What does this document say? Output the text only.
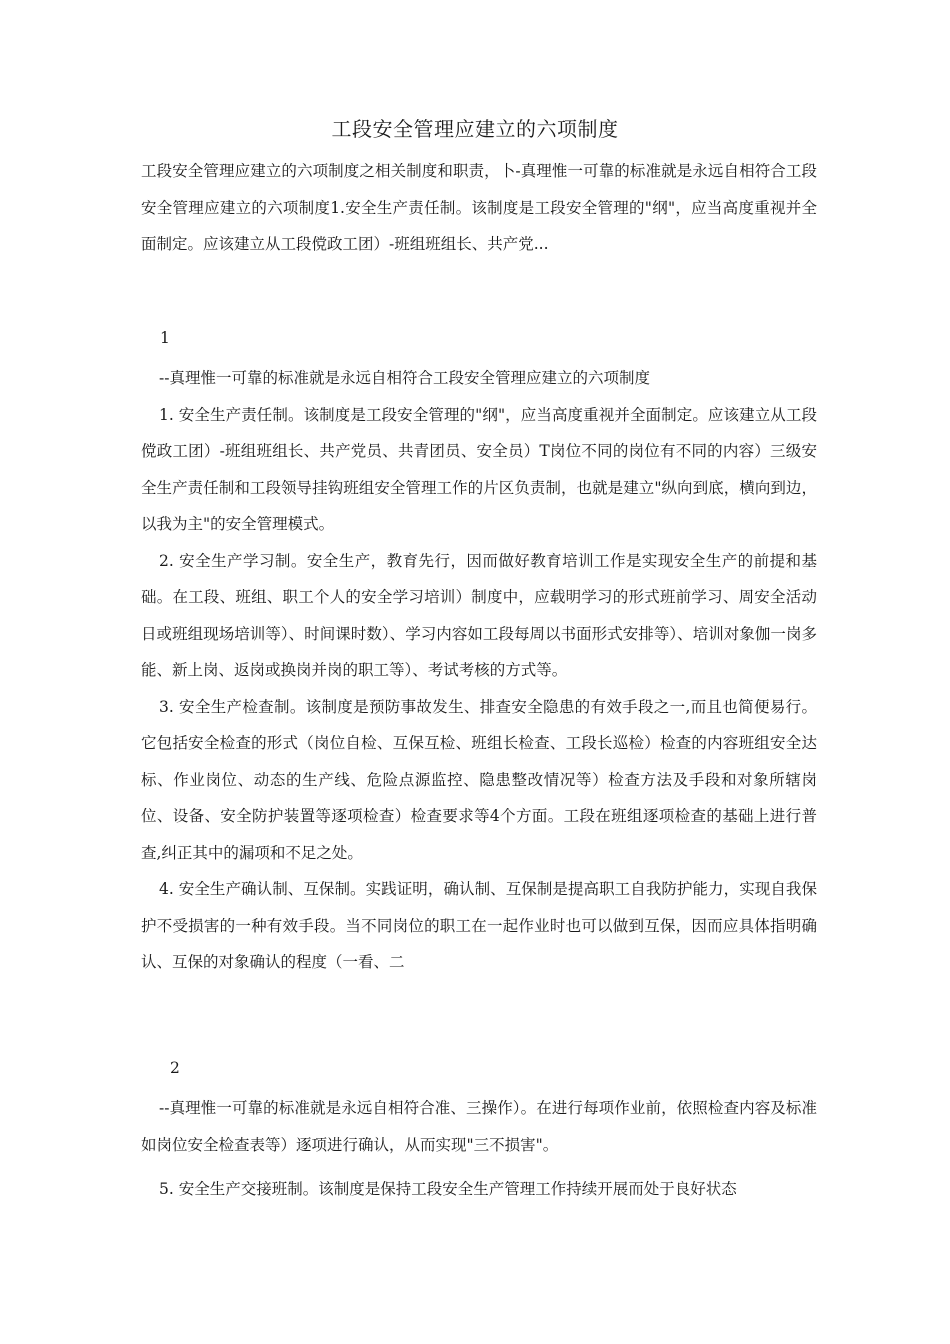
工段安全管理应建立的六项制度

工段安全管理应建立的六项制度之相关制度和职责，卜-真理惟一可靠的标准就是永远自相符合工段安全管理应建立的六项制度1.安全生产责任制。该制度是工段安全管理的"纲"，应当高度重视并全面制定。应该建立从工段傥政工团）-班组班组长、共产党...

1

--真理惟一可靠的标准就是永远自相符合工段安全管理应建立的六项制度

1. 安全生产责任制。该制度是工段安全管理的"纲"，应当高度重视并全面制定。应该建立从工段傥政工团）-班组班组长、共产党员、共青团员、安全员）T岗位不同的岗位有不同的内容）三级安全生产责任制和工段领导挂钩班组安全管理工作的片区负责制，也就是建立"纵向到底，横向到边，以我为主"的安全管理模式。

2. 安全生产学习制。安全生产，教育先行，因而做好教育培训工作是实现安全生产的前提和基础。在工段、班组、职工个人的安全学习培训）制度中，应载明学习的形式班前学习、周安全活动日或班组现场培训等）、时间课时数）、学习内容如工段每周以书面形式安排等）、培训对象伽一岗多能、新上岗、返岗或换岗并岗的职工等）、考试考核的方式等。

3. 安全生产检查制。该制度是预防事故发生、排查安全隐患的有效手段之一,而且也简便易行。它包括安全检查的形式（岗位自检、互保互检、班组长检查、工段长巡检）检查的内容班组安全达标、作业岗位、动态的生产线、危险点源监控、隐患整改情况等）检查方法及手段和对象所辖岗位、设备、安全防护装置等逐项检查）检查要求等4个方面。工段在班组逐项检查的基础上进行普查,纠正其中的漏项和不足之处。

4. 安全生产确认制、互保制。实践证明，确认制、互保制是提高职工自我防护能力，实现自我保护不受损害的一种有效手段。当不同岗位的职工在一起作业时也可以做到互保，因而应具体指明确认、互保的对象确认的程度（一看、二

2

--真理惟一可靠的标准就是永远自相符合准、三操作）。在进行每项作业前，依照检查内容及标准如岗位安全检查表等）逐项进行确认，从而实现"三不损害"。

5. 安全生产交接班制。该制度是保持工段安全生产管理工作持续开展而处于良好状态
